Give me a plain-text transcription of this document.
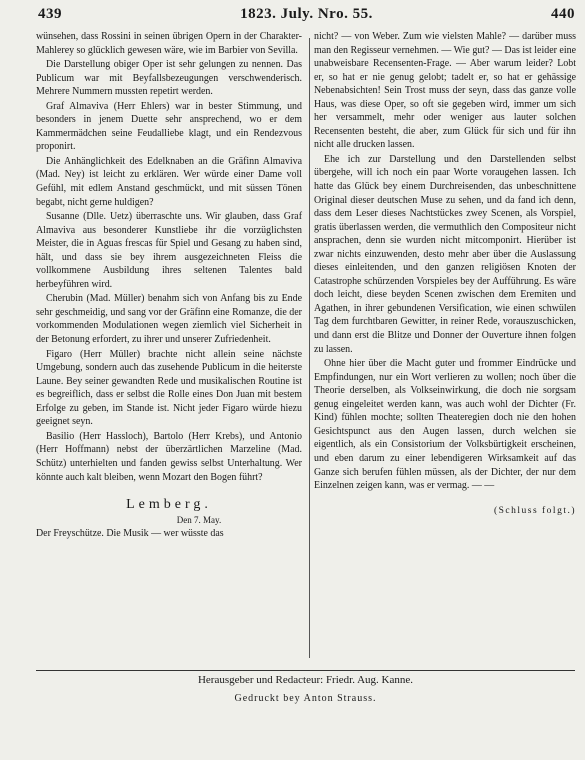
439	1823. July. Nro. 55.	440

wünsehen, dass Rossini in seinen übrigen Opern in der Charakter- Mahlerey so glücklich gewesen wäre, wie im Barbier von Sevilla.

Die Darstellung obiger Oper ist sehr gelungen zu nennen. Das Publicum war mit Beyfallsbezeugungen verschwenderisch. Mehrere Nummern mussten repetirt werden.

Graf Almaviva (Herr Ehlers) war in bester Stimmung, und besonders in jenem Duette sehr ansprechend, wo er dem Kammermädchen seine Feudalliebe klagt, und ein Rendezvous proponirt.

Die Anhänglichkeit des Edelknaben an die Gräfinn Almaviva (Mad. Ney) ist leicht zu erklären. Wer würde einer Dame voll Gefühl, mit edlem Anstand geschmückt, und mit süssen Tönen begabt, nicht gerne huldigen?

Susanne (Dlle. Uetz) überraschte uns. Wir glauben, dass Graf Almaviva aus besonderer Kunstliebe ihr die vorzüglichsten Meister, die in Aguas frescas für Spiel und Gesang zu haben sind, hält, und dass sie bey ihrem ausgezeichneten Fleiss die vollkommene Ausbildung ihres seltenen Talentes bald herbeyführen wird.

Cherubin (Mad. Müller) benahm sich von Anfang bis zu Ende sehr geschmeidig, und sang vor der Gräfinn eine Romanze, die der vorkommenden Modulationen wegen ziemlich viel Sicherheit in der Betonung erfordert, zu ihrer und unserer Zufriedenheit.

Figaro (Herr Müller) brachte nicht allein seine nächste Umgebung, sondern auch das zusehende Publicum in die heiterste Laune. Bey seiner gewandten Rede und musikalischen Routine ist es begreiflich, dass er selbst die Rolle eines Don Juan mit bestem Erfolge zu geben, im Stande ist. Nicht jeder Figaro würde hiezu geeignet seyn.

Basilio (Herr Hassloch), Bartolo (Herr Krebs), und Antonio (Herr Hoffmann) nebst der überzärtlichen Marzeline (Mad. Schütz) unterhielten und fanden gewiss selbst Unterhaltung. Wer könnte auch kalt bleiben, wenn Mozart den Bogen führt?

Lemberg.

Den 7. May.

Der Freyschütze. Die Musik — wer wüsste das

nicht? — von Weber. Zum wie vielsten Mahle? — darüber muss man den Regisseur vernehmen. — Wie gut? — Das ist leider eine unabweisbare Recensenten-Frage. — Aber warum leider? Lobt er, so hat er nie genug gelobt; tadelt er, so hat er gehässige Nebenabsichten! Sein Trost muss der seyn, dass das ganze volle Haus, was diese Oper, so oft sie gegeben wird, immer um sich her versammelt, mehr oder weniger aus lauter solchen Recensenten besteht, die aber, zum Glück für sich und für ihn nicht alle drucken lassen.

Ehe ich zur Darstellung und den Darstellenden selbst übergehe, will ich noch ein paar Worte voraugehen lassen. Ich hatte das Glück bey einem Durchreisenden, das unbeschnittene Original dieser deutschen Muse zu sehen, und da fand ich denn, dass dem Leser dieses Nachtstückes zwey Scenen, als Vorspiel, gratis überlassen werden, die vermuthlich den Compositeur nicht ansprachen, denn sie wurden nicht mitcomponirt. Hierüber ist zwar nichts einzuwenden, desto mehr aber über die Auslassung dieses einleitenden, und den ganzen religiösen Knoten der Catastrophe schürzenden Vorspieles bey der Aufführung. Es wäre doch leicht, diese beyden Scenen zwischen dem Eremiten und Agathen, in ihrer gebundenen Versification, wie einen schwülen Tag dem furchtbaren Gewitter, in reiner Rede, vorauszuschicken, und dann erst die Blitze und Donner der Ouverture ihnen folgen zu lassen.

Ohne hier über die Macht guter und frommer Eindrücke und Empfindungen, nur ein Wort verlieren zu wollen; noch über die Theorie derselben, als Volkseinwirkung, die doch nie sorgsam genug eingeleitet werden kann, was auch wohl der Dichter (Fr. Kind) fühlen mochte; sollten Theateregien doch nie den hohen Gesichtspunct aus den Augen lassen, durch welchen sie eigentlich, als ein Consistorium der Volksbürtigkeit erscheinen, und eben darum zu einer lebendigeren Wirksamkeit auf das Ganze sich berufen fühlen müssen, als der Dichter, der nur dem Einzelnen zeigen kann, was er vermag. — —

(Schluss folgt.)

Herausgeber und Redacteur: Friedr. Aug. Kanne.
Gedruckt bey Anton Strauss.
